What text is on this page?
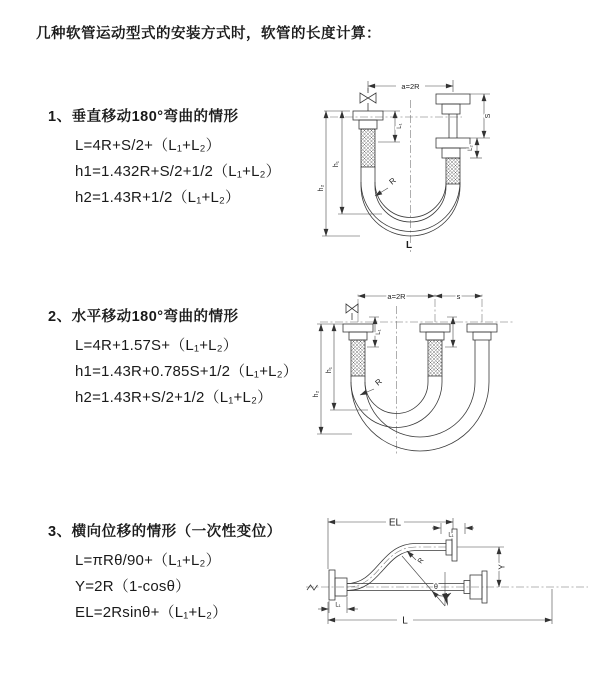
几种软管运动型式的安装方式时，软管的长度计算：
1、垂直移动180°弯曲的情形
L=4R+S/2+（L₁+L₂）
h1=1.432R+S/2+1/2（L₁+L₂）
h2=1.43R+1/2（L₁+L₂）
2、水平移动180°弯曲的情形
L=4R+1.57S+（L₁+L₂）
h1=1.43R+0.785S+1/2（L₁+L₂）
h2=1.43R+S/2+1/2（L₁+L₂）
3、横向位移的情形（一次性变位）
L=πRθ/90+（L₁+L₂）
Y=2R（1-cosθ）
EL=2Rsinθ+（L₁+L₂）
a=2R
h₁
h₂
L₁
S
L₂
R
L
a=2R	s
h₁
h₂
L₁
R
EL
L₁
Y
θ
R
L
L₁
